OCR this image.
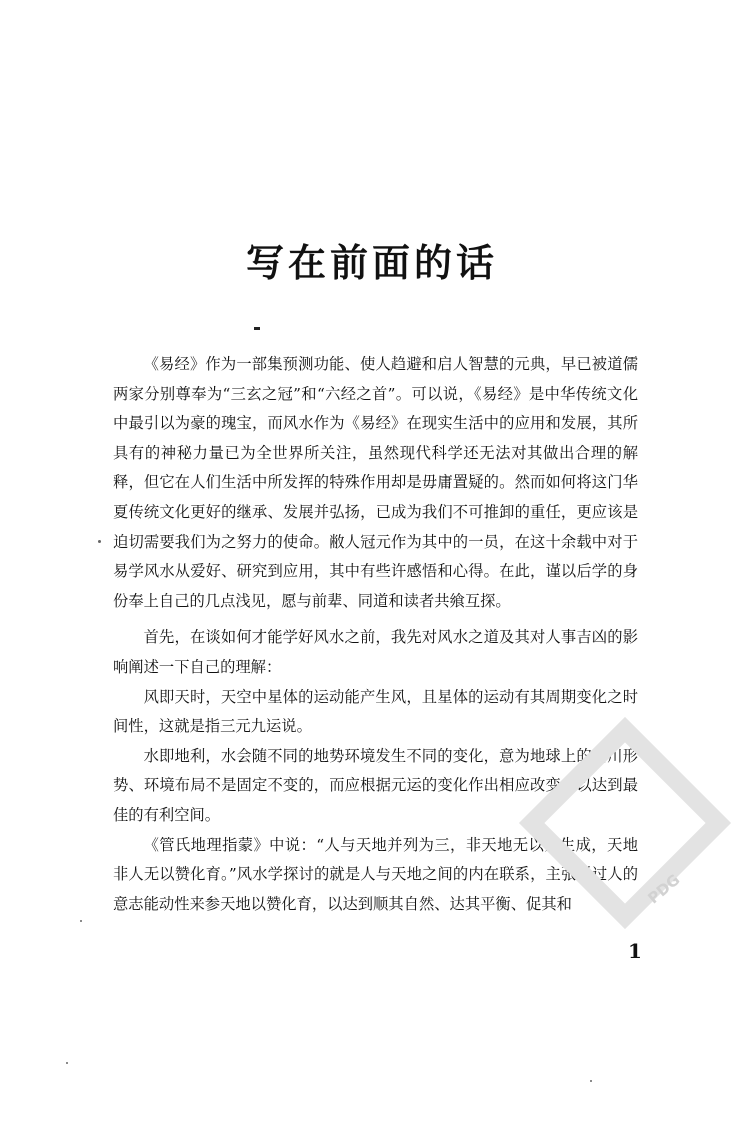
写在前面的话

《易经》作为一部集预测功能、使人趋避和启人智慧的元典，早已被道儒两家分别尊奉为“三玄之冠”和“六经之首”。可以说，《易经》是中华传统文化中最引以为豪的瑰宝，而风水作为《易经》在现实生活中的应用和发展，其所具有的神秘力量已为全世界所关注，虽然现代科学还无法对其做出合理的解释，但它在人们生活中所发挥的特殊作用却是毋庸置疑的。然而如何将这门华夏传统文化更好的继承、发展并弘扬，已成为我们不可推卸的重任，更应该是迫切需要我们为之努力的使命。敝人冠元作为其中的一员，在这十余载中对于易学风水从爱好、研究到应用，其中有些许感悟和心得。在此，谨以后学的身份奉上自己的几点浅见，愿与前辈、同道和读者共飨互探。

首先，在谈如何才能学好风水之前，我先对风水之道及其对人事吉凶的影响阐述一下自己的理解：

风即天时，天空中星体的运动能产生风，且星体的运动有其周期变化之时间性，这就是指三元九运说。

水即地利，水会随不同的地势环境发生不同的变化，意为地球上的山川形势、环境布局不是固定不变的，而应根据元运的变化作出相应改变，以达到最佳的有利空间。

《管氏地理指蒙》中说：“人与天地并列为三，非天地无以见生成，天地非人无以赞化育。”风水学探讨的就是人与天地之间的内在联系，主张通过人的意志能动性来参天地以赞化育，以达到顺其自然、达其平衡、促其和	PDG
1
